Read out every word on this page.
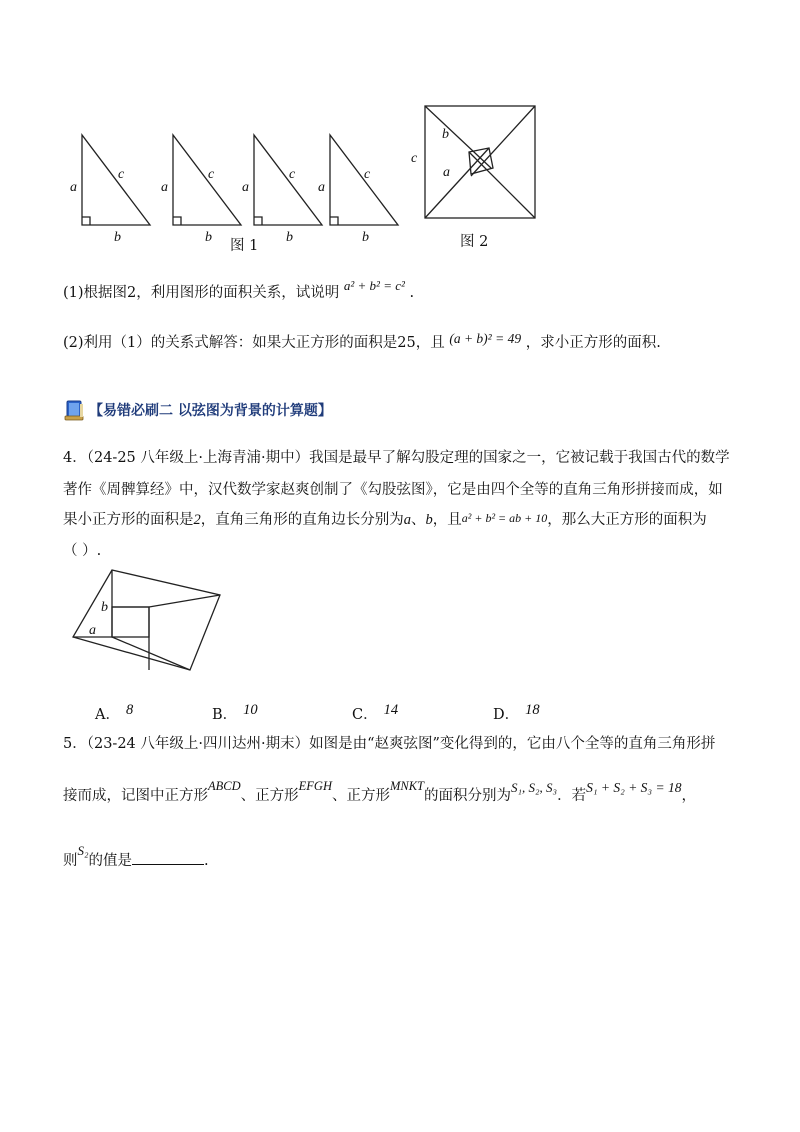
a
c
b
a
c
b
a
c
b
a
c
b
图 1
c
b
a
图 2
(1)根据图2，利用图形的面积关系，试说明 a² + b² = c² .
(2)利用（1）的关系式解答：如果大正方形的面积是25，且 (a + b)² = 49 ，求小正方形的面积.
【易错必刷二 以弦图为背景的计算题】
4．（24-25 八年级上·上海青浦·期中）我国是最早了解勾股定理的国家之一，它被记载于我国古代的数学
著作《周髀算经》中，汉代数学家赵爽创制了《勾股弦图》，它是由四个全等的直角三角形拼接而成，如
果小正方形的面积是2，直角三角形的直角边长分别为a、b，且a² + b² = ab + 10，那么大正方形的面积为
（ ）.
b
a
A． 8	B． 10	C． 14	D． 18
5．（23-24 八年级上·四川达州·期末）如图是由“赵爽弦图”变化得到的，它由八个全等的直角三角形拼
接而成，记图中正方形ABCD、正方形EFGH、正方形MNKT的面积分别为S₁, S₂, S₃．若S₁ + S₂ + S₃ = 18，
则S₂的值是	.
